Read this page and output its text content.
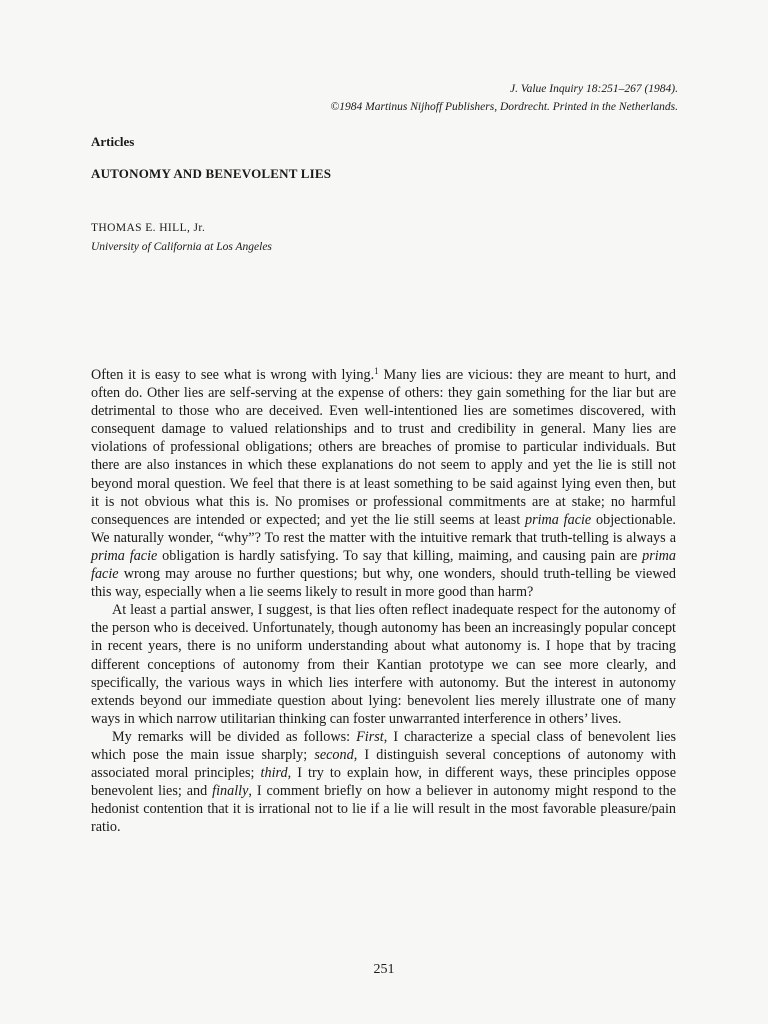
J. Value Inquiry 18:251–267 (1984).
©1984 Martinus Nijhoff Publishers, Dordrecht. Printed in the Netherlands.
Articles
AUTONOMY AND BENEVOLENT LIES
THOMAS E. HILL, Jr.
University of California at Los Angeles

Often it is easy to see what is wrong with lying.$^1$ Many lies are vicious: they are meant to hurt, and often do. Other lies are self-serving at the expense of others: they gain something for the liar but are detrimental to those who are deceived. Even well-intentioned lies are sometimes discovered, with consequent damage to valued relationships and to trust and credibility in general. Many lies are violations of professional obligations; others are breaches of promise to particular individuals. But there are also instances in which these explanations do not seem to apply and yet the lie is still not beyond moral question. We feel that there is at least something to be said against lying even then, but it is not obvious what this is. No promises or professional commitments are at stake; no harmful consequences are intended or expected; and yet the lie still seems at least prima facie objectionable. We naturally wonder, “why”? To rest the matter with the intuitive remark that truth-telling is always a prima facie obligation is hardly satisfying. To say that killing, maiming, and causing pain are prima facie wrong may arouse no further questions; but why, one wonders, should truth-telling be viewed this way, especially when a lie seems likely to result in more good than harm?

At least a partial answer, I suggest, is that lies often reflect inadequate respect for the autonomy of the person who is deceived. Unfortunately, though autonomy has been an increasingly popular concept in recent years, there is no uniform understanding about what autonomy is. I hope that by tracing different conceptions of autonomy from their Kantian prototype we can see more clearly, and specifically, the various ways in which lies interfere with autonomy. But the interest in autonomy extends beyond our immediate question about lying: benevolent lies merely illustrate one of many ways in which narrow utilitarian thinking can foster unwarranted interference in others’ lives.

My remarks will be divided as follows: First, I characterize a special class of benevolent lies which pose the main issue sharply; second, I distinguish several conceptions of autonomy with associated moral principles; third, I try to explain how, in different ways, these principles oppose benevolent lies; and finally, I comment briefly on how a believer in autonomy might respond to the hedonist contention that it is irrational not to lie if a lie will result in the most favorable pleasure/pain ratio.

251
